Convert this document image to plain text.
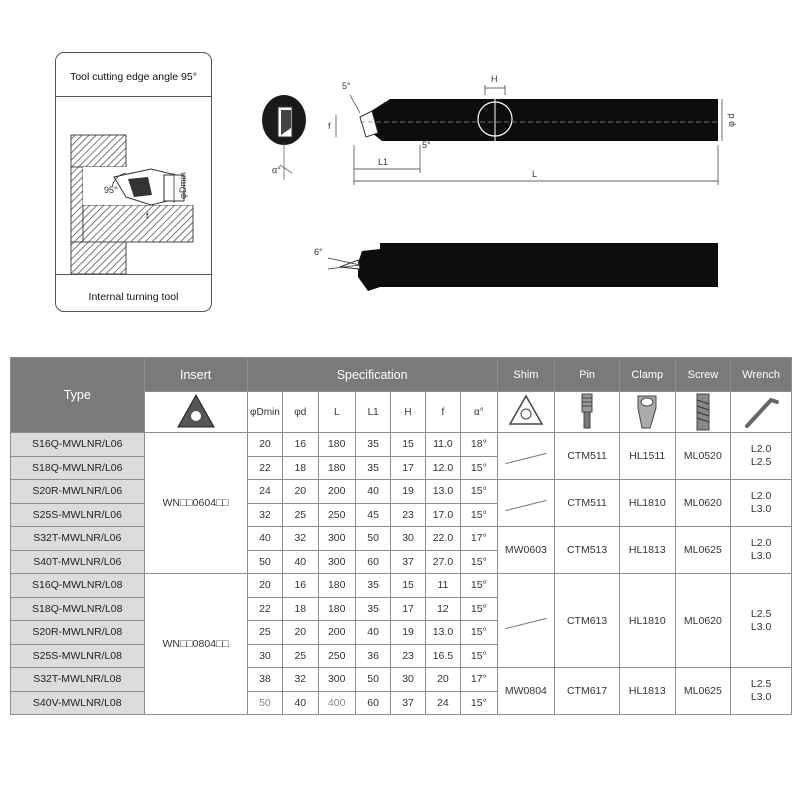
Tool cutting edge angle 95°
95°	φDmin
f
Internal turning tool
α°
H
φ d
5°
5°
f
L1
L
6°
Type	Insert	Specification							Shim	Pin	Clamp	Screw	Wrench

	φDmin	φd	L	L1	H	f	α°	

S16Q-MWLNR/L06	WN□□0604□□	20	16	180	35	15	11.0	18°		CTM511	HL1511	ML0520	L2.0
L2.5

S18Q-MWLNR/L06		22	18	180	35	17	12.0	15°					
S20R-MWLNR/L06		24	20	200	40	19	13.0	15°		CTM511	HL1810	ML0620	L2.0
L3.0

S25S-MWLNR/L06		32	25	250	45	23	17.0	15°					
S32T-MWLNR/L06		40	32	300	50	30	22.0	17°	MW0603	CTM513	HL1813	ML0625	L2.0
L3.0

S40T-MWLNR/L06		50	40	300	60	37	27.0	15°					
S16Q-MWLNR/L08	WN□□0804□□	20	16	180	35	15	11	15°		CTM613	HL1810	ML0620	L2.5
L3.0

S18Q-MWLNR/L08		22	18	180	35	17	12	15°					
S20R-MWLNR/L08		25	20	200	40	19	13.0	15°					
S25S-MWLNR/L08		30	25	250	36	23	16.5	15°					
S32T-MWLNR/L08		38	32	300	50	30	20	17°	MW0804	CTM617	HL1813	ML0625	L2.5
L3.0

S40V-MWLNR/L08		50	40	400	60	37	24	15°					
